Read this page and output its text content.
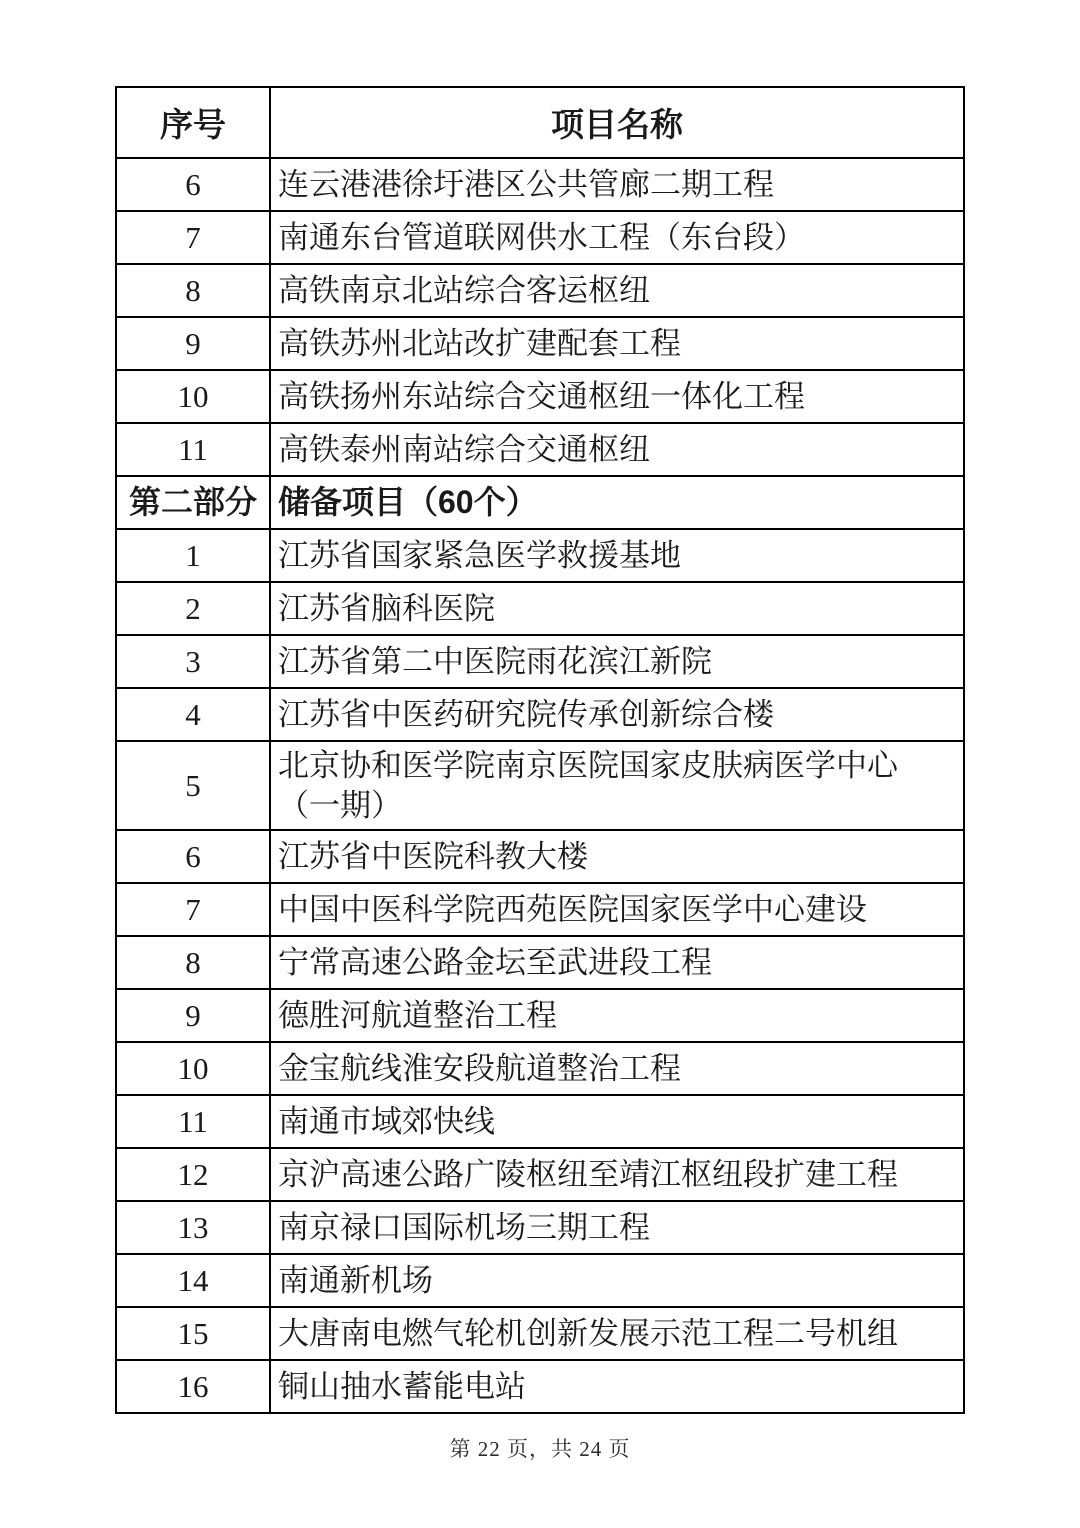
序号	项目名称
6	连云港港徐圩港区公共管廊二期工程
7	南通东台管道联网供水工程（东台段）
8	高铁南京北站综合客运枢纽
9	高铁苏州北站改扩建配套工程
10	高铁扬州东站综合交通枢纽一体化工程
11	高铁泰州南站综合交通枢纽
第二部分	储备项目（60个）
1	江苏省国家紧急医学救援基地
2	江苏省脑科医院
3	江苏省第二中医院雨花滨江新院
4	江苏省中医药研究院传承创新综合楼
5	北京协和医学院南京医院国家皮肤病医学中心（一期）
6	江苏省中医院科教大楼
7	中国中医科学院西苑医院国家医学中心建设
8	宁常高速公路金坛至武进段工程
9	德胜河航道整治工程
10	金宝航线淮安段航道整治工程
11	南通市域郊快线
12	京沪高速公路广陵枢纽至靖江枢纽段扩建工程
13	南京禄口国际机场三期工程
14	南通新机场
15	大唐南电燃气轮机创新发展示范工程二号机组
16	铜山抽水蓄能电站
第 22 页，共 24 页
